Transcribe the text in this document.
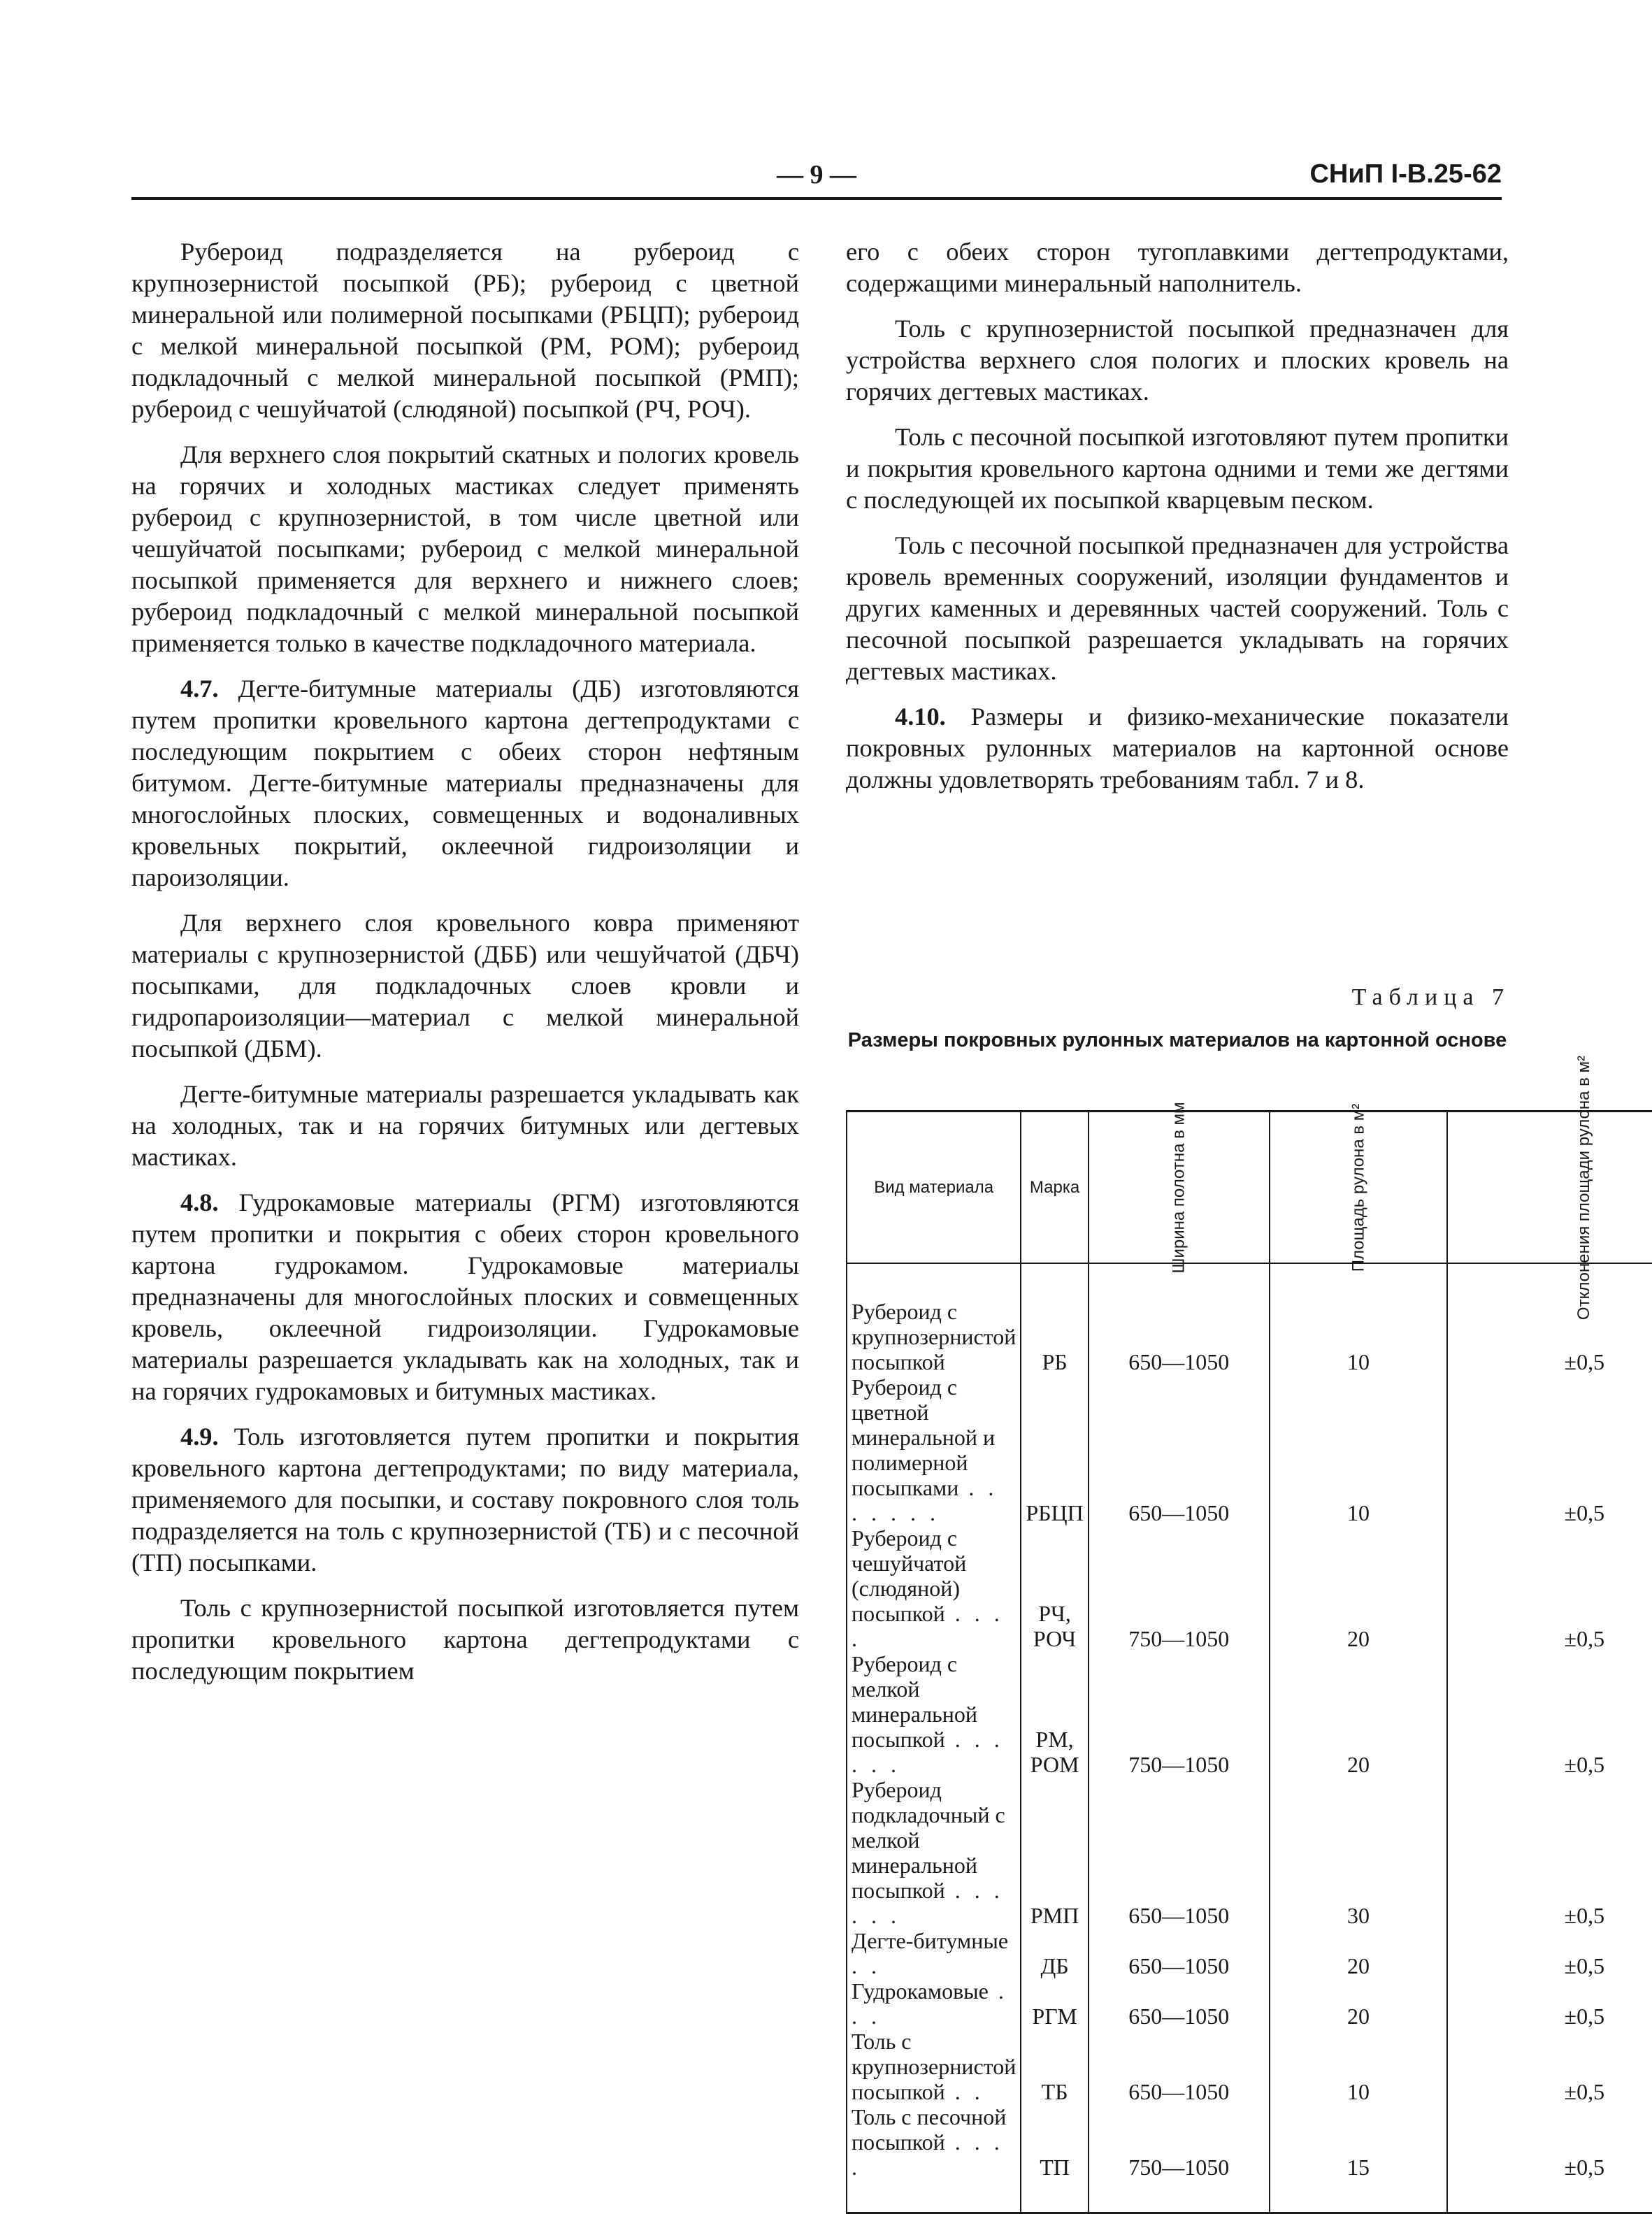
— 9 —	СНиП I-B.25-62

Рубероид подразделяется на рубероид с крупнозернистой посыпкой (РБ); рубероид с цветной минеральной или полимерной посыпками (РБЦП); рубероид с мелкой минеральной посыпкой (РМ, РОМ); рубероид подкладочный с мелкой минеральной посыпкой (РМП); рубероид с чешуйчатой (слюдяной) посыпкой (РЧ, РОЧ).

Для верхнего слоя покрытий скатных и пологих кровель на горячих и холодных мастиках следует применять рубероид с крупнозернистой, в том числе цветной или чешуйчатой посыпками; рубероид с мелкой минеральной посыпкой применяется для верхнего и нижнего слоев; рубероид подкладочный с мелкой минеральной посыпкой применяется только в качестве подкладочного материала.

4.7. Дегте-битумные материалы (ДБ) изготовляются путем пропитки кровельного картона дегтепродуктами с последующим покрытием с обеих сторон нефтяным битумом. Дегте-битумные материалы предназначены для многослойных плоских, совмещенных и водоналивных кровельных покрытий, оклеечной гидроизоляции и пароизоляции.

Для верхнего слоя кровельного ковра применяют материалы с крупнозернистой (ДББ) или чешуйчатой (ДБЧ) посыпками, для подкладочных слоев кровли и гидропароизоляции—материал с мелкой минеральной посыпкой (ДБМ).

Дегте-битумные материалы разрешается укладывать как на холодных, так и на горячих битумных или дегтевых мастиках.

4.8. Гудрокамовые материалы (РГМ) изготовляются путем пропитки и покрытия с обеих сторон кровельного картона гудрокамом. Гудрокамовые материалы предназначены для многослойных плоских и совмещенных кровель, оклеечной гидроизоляции. Гудрокамовые материалы разрешается укладывать как на холодных, так и на горячих гудрокамовых и битумных мастиках.

4.9. Толь изготовляется путем пропитки и покрытия кровельного картона дегтепродуктами; по виду материала, применяемого для посыпки, и составу покровного слоя толь подразделяется на толь с крупнозернистой (ТБ) и с песочной (ТП) посыпками.

Толь с крупнозернистой посыпкой изготовляется путем пропитки кровельного картона дегтепродуктами с последующим покрытием

его с обеих сторон тугоплавкими дегтепродуктами, содержащими минеральный наполнитель.

Толь с крупнозернистой посыпкой предназначен для устройства верхнего слоя пологих и плоских кровель на горячих дегтевых мастиках.

Толь с песочной посыпкой изготовляют путем пропитки и покрытия кровельного картона одними и теми же дегтями с последующей их посыпкой кварцевым песком.

Толь с песочной посыпкой предназначен для устройства кровель временных сооружений, изоляции фундаментов и других каменных и деревянных частей сооружений. Толь с песочной посыпкой разрешается укладывать на горячих дегтевых мастиках.

4.10. Размеры и физико-механические показатели покровных рулонных материалов на картонной основе должны удовлетворять требованиям табл. 7 и 8.

Таблица 7
Размеры покровных рулонных материалов на картонной основе
Вид материала	Марка	Ширина полотна в мм	Площадь рулона в м²	Отклонения площади рулона в м²

Рубероид с крупнозернистой посыпкой	РБ	650—1050	10	±0,5
Рубероид с цветной минеральной и полимерной посыпками . . . . . . .	РБЦП	650—1050	10	±0,5
Рубероид с чешуйчатой (слюдяной) посыпкой . . . .	РЧ, РОЧ	750—1050	20	±0,5
Рубероид с мелкой минеральной посыпкой . . . . . .	РМ, РОМ	750—1050	20	±0,5
Рубероид подкладочный с мелкой минеральной посыпкой . . . . . .	РМП	650—1050	30	±0,5
Дегте-битумные . .	ДБ	650—1050	20	±0,5
Гудрокамовые . . .	РГМ	650—1050	20	±0,5
Толь с крупнозернистой посыпкой . .	ТБ	650—1050	10	±0,5
Толь с песочной посыпкой . . . .	ТП	750—1050	15	±0,5
